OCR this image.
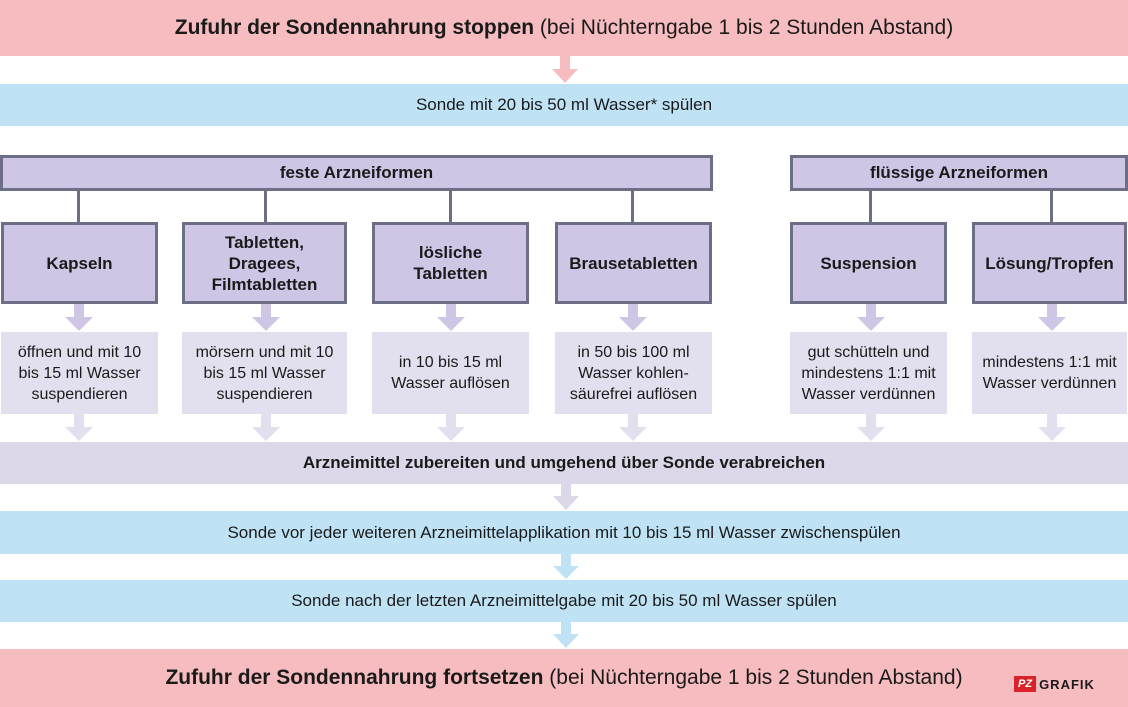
Zufuhr der Sondennahrung stoppen (bei Nüchterngabe 1 bis 2 Stunden Abstand)
Sonde mit 20 bis 50 ml Wasser* spülen
feste Arzneiformen	flüssige Arzneiformen
Kapseln
Tabletten, Dragees, Filmtabletten
lösliche Tabletten
Brausetabletten	Suspension	Lösung/Tropfen
öffnen und mit 10 bis 15 ml Wasser suspendieren
mörsern und mit 10 bis 15 ml Wasser suspendieren
in 10 bis 15 ml Wasser auflösen
in 50 bis 100 ml Wasser kohlen-säurefrei auflösen
gut schütteln und mindestens 1:1 mit Wasser verdünnen
mindestens 1:1 mit Wasser verdünnen
Arzneimittel zubereiten und umgehend über Sonde verabreichen
Sonde vor jeder weiteren Arzneimittelapplikation mit 10 bis 15 ml Wasser zwischenspülen
Sonde nach der letzten Arzneimittelgabe mit 20 bis 50 ml Wasser spülen
Zufuhr der Sondennahrung fortsetzen (bei Nüchterngabe 1 bis 2 Stunden Abstand)	PZ GRAFIK
